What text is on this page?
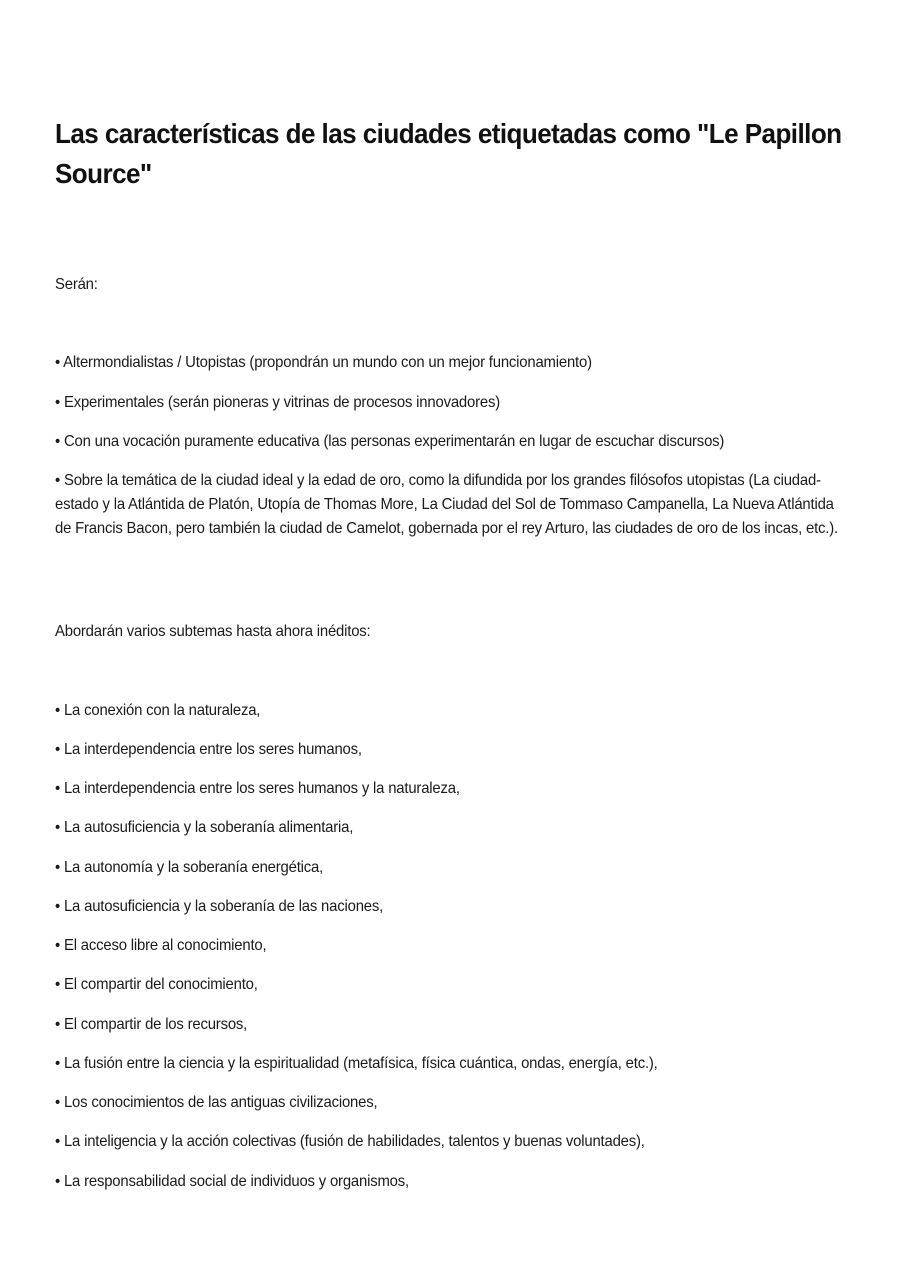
Las características de las ciudades etiquetadas como "Le Papillon Source"

Serán:

• Altermondialistas / Utopistas (propondrán un mundo con un mejor funcionamiento)

• Experimentales (serán pioneras y vitrinas de procesos innovadores)

• Con una vocación puramente educativa (las personas experimentarán en lugar de escuchar discursos)

• Sobre la temática de la ciudad ideal y la edad de oro, como la difundida por los grandes filósofos utopistas (La ciudad-estado y la Atlántida de Platón, Utopía de Thomas More, La Ciudad del Sol de Tommaso Campanella, La Nueva Atlántida de Francis Bacon, pero también la ciudad de Camelot, gobernada por el rey Arturo, las ciudades de oro de los incas, etc.).

Abordarán varios subtemas hasta ahora inéditos:

• La conexión con la naturaleza,

• La interdependencia entre los seres humanos,

• La interdependencia entre los seres humanos y la naturaleza,

• La autosuficiencia y la soberanía alimentaria,

• La autonomía y la soberanía energética,

• La autosuficiencia y la soberanía de las naciones,

• El acceso libre al conocimiento,

• El compartir del conocimiento,

• El compartir de los recursos,

• La fusión entre la ciencia y la espiritualidad (metafísica, física cuántica, ondas, energía, etc.),

• Los conocimientos de las antiguas civilizaciones,

• La inteligencia y la acción colectivas (fusión de habilidades, talentos y buenas voluntades),

• La responsabilidad social de individuos y organismos,
